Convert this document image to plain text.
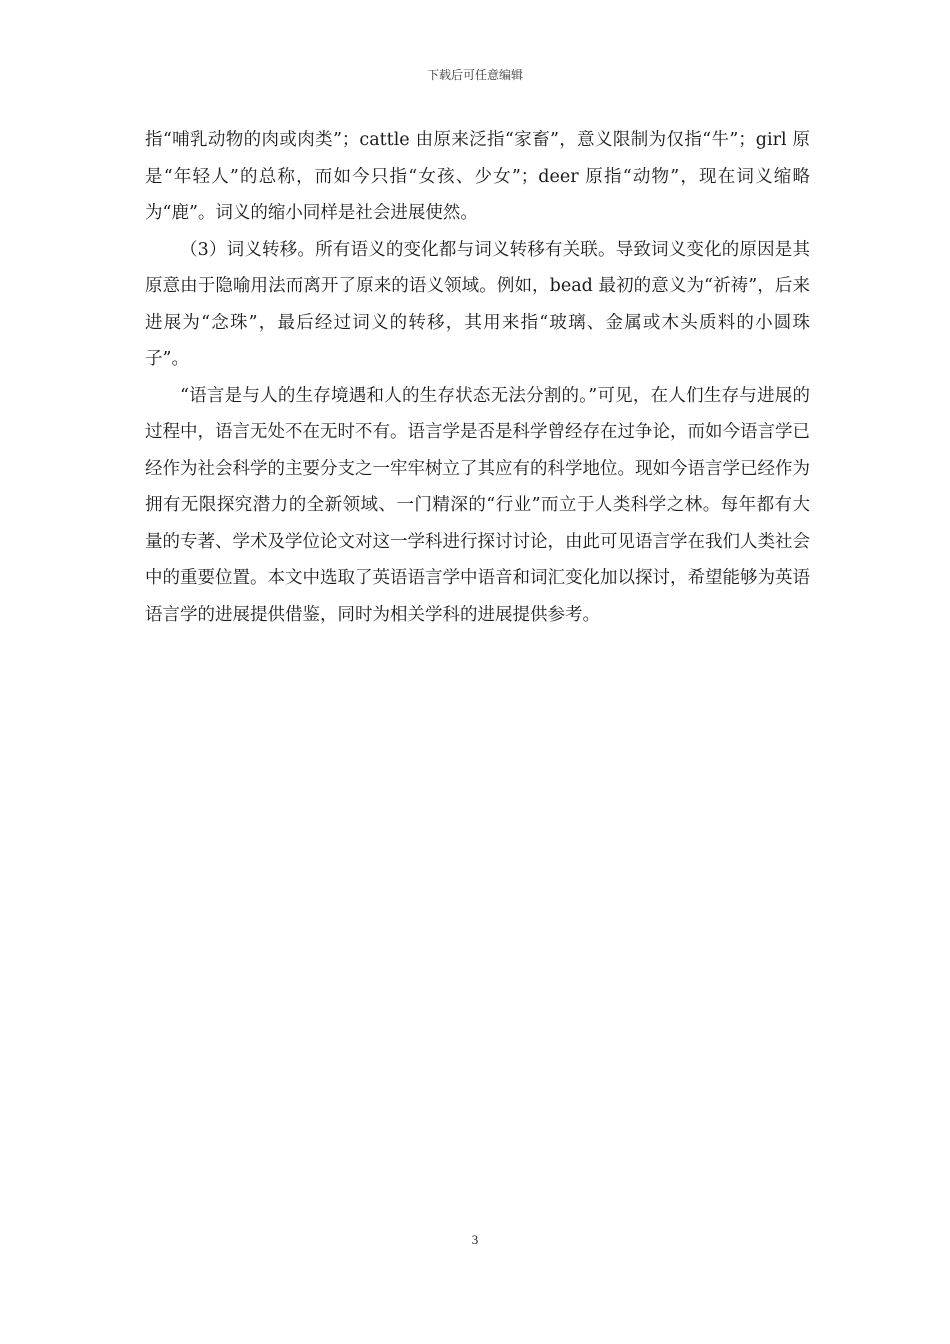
下载后可任意编辑

指“哺乳动物的肉或肉类”；cattle 由原来泛指“家畜”，意义限制为仅指“牛”；girl 原是“年轻人”的总称，而如今只指“女孩、少女”；deer 原指“动物”，现在词义缩略为“鹿”。词义的缩小同样是社会进展使然。

（3）词义转移。所有语义的变化都与词义转移有关联。导致词义变化的原因是其原意由于隐喻用法而离开了原来的语义领域。例如，bead 最初的意义为“祈祷”，后来进展为“念珠”，最后经过词义的转移，其用来指“玻璃、金属或木头质料的小圆珠子”。

“语言是与人的生存境遇和人的生存状态无法分割的。”可见，在人们生存与进展的过程中，语言无处不在无时不有。语言学是否是科学曾经存在过争论，而如今语言学已经作为社会科学的主要分支之一牢牢树立了其应有的科学地位。现如今语言学已经作为拥有无限探究潜力的全新领域、一门精深的“行业”而立于人类科学之林。每年都有大量的专著、学术及学位论文对这一学科进行探讨讨论，由此可见语言学在我们人类社会中的重要位置。本文中选取了英语语言学中语音和词汇变化加以探讨，希望能够为英语语言学的进展提供借鉴，同时为相关学科的进展提供参考。

3
